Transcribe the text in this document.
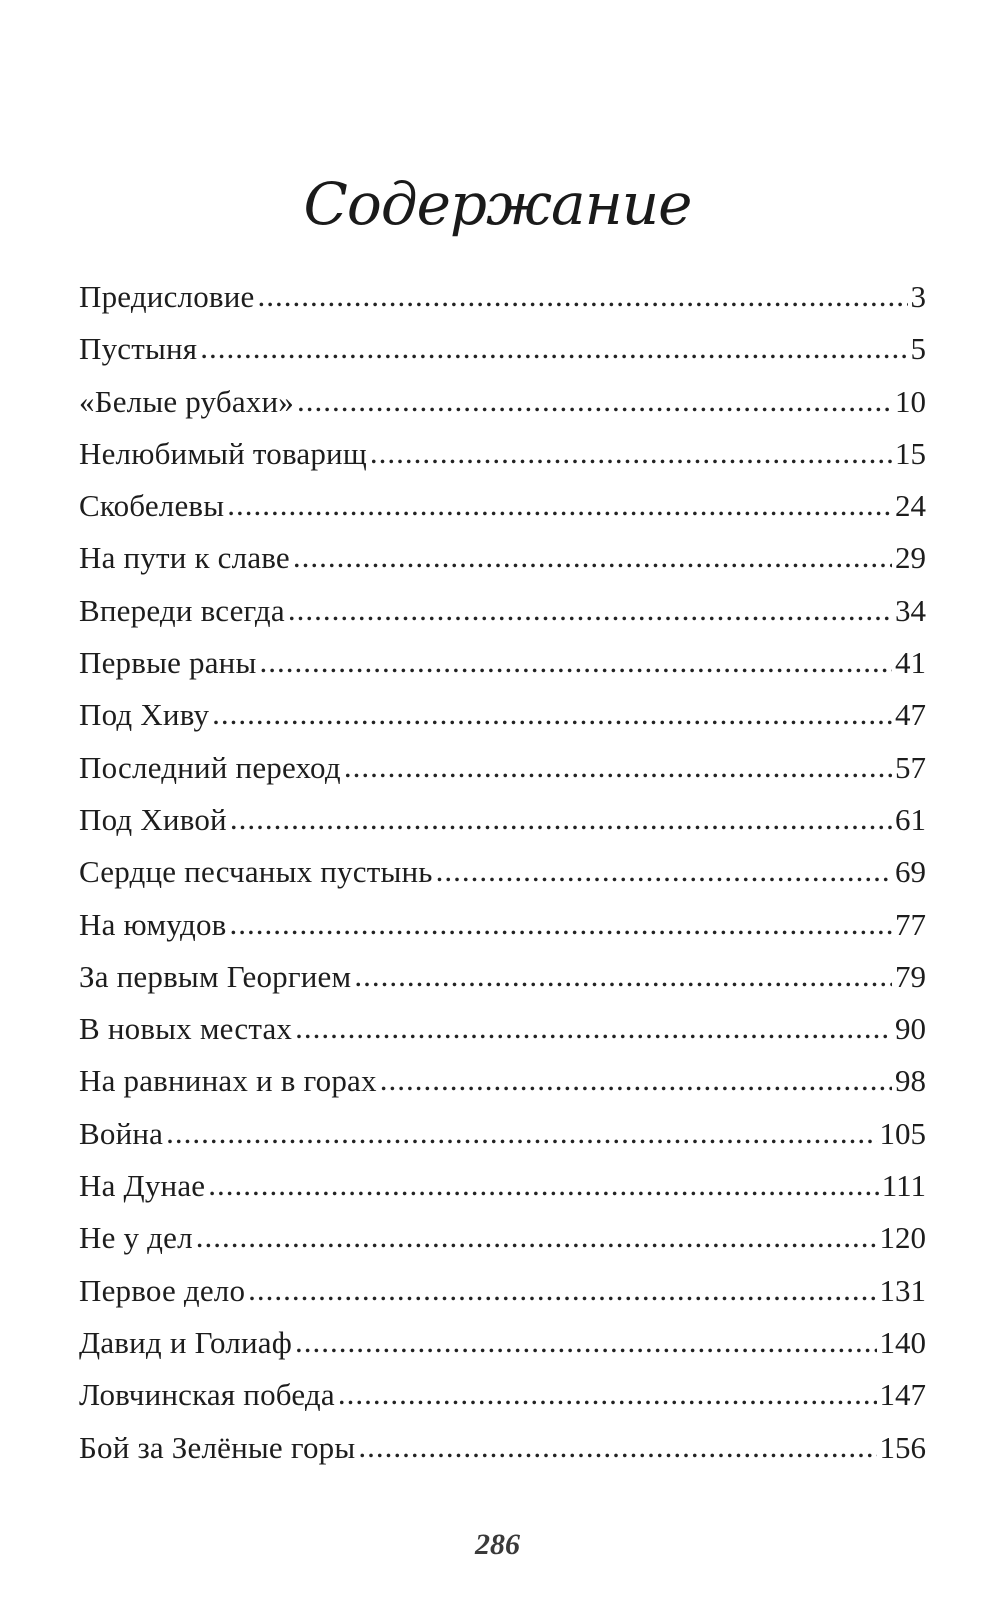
Содержание
Предисловие .....	3
Пустыня .....	5
«Белые рубахи» .....	10
Нелюбимый товарищ .....	15
Скобелевы .....	24
На пути к славе .....	29
Впереди всегда .....	34
Первые раны .....	41
Под Хиву .....	47
Последний переход .....	57
Под Хивой .....	61
Сердце песчаных пустынь .....	69
На юмудов .....	77
За первым Георгием .....	79
В новых местах .....	90
На равнинах и в горах .....	98
Война .....	105
На Дунае .....	111
Не у дел .....	120
Первое дело .....	131
Давид и Голиаф .....	140
Ловчинская победа .....	147
Бой за Зелёные горы .....	156
286
